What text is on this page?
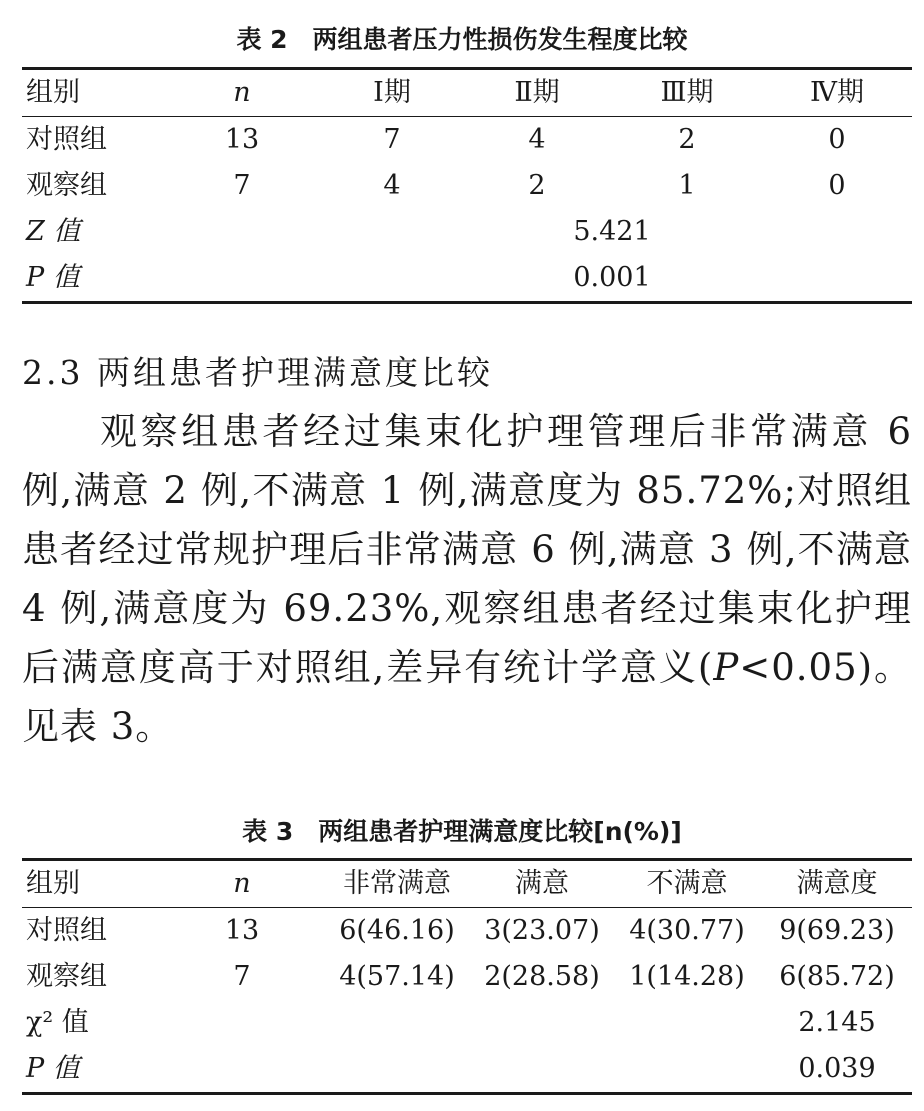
表 2　两组患者压力性损伤发生程度比较
组别	n	Ⅰ期	Ⅱ期	Ⅲ期	Ⅳ期
对照组	13	7	4	2	0
观察组	7	4	2	1	0
Z 值			5.421		
P 值			0.001		
2.3 两组患者护理满意度比较
观察组患者经过集束化护理管理后非常满意 6 例,满意 2 例,不满意 1 例,满意度为 85.72%;对照组患者经过常规护理后非常满意 6 例,满意 3 例,不满意 4 例,满意度为 69.23%,观察组患者经过集束化护理后满意度高于对照组,差异有统计学意义(P<0.05)。见表 3。
表 3　两组患者护理满意度比较[n(%)]
组别	n	非常满意	满意	不满意	满意度
对照组	13	6(46.16)	3(23.07)	4(30.77)	9(69.23)
观察组	7	4(57.14)	2(28.58)	1(14.28)	6(85.72)
χ² 值					2.145
P 值					0.039
